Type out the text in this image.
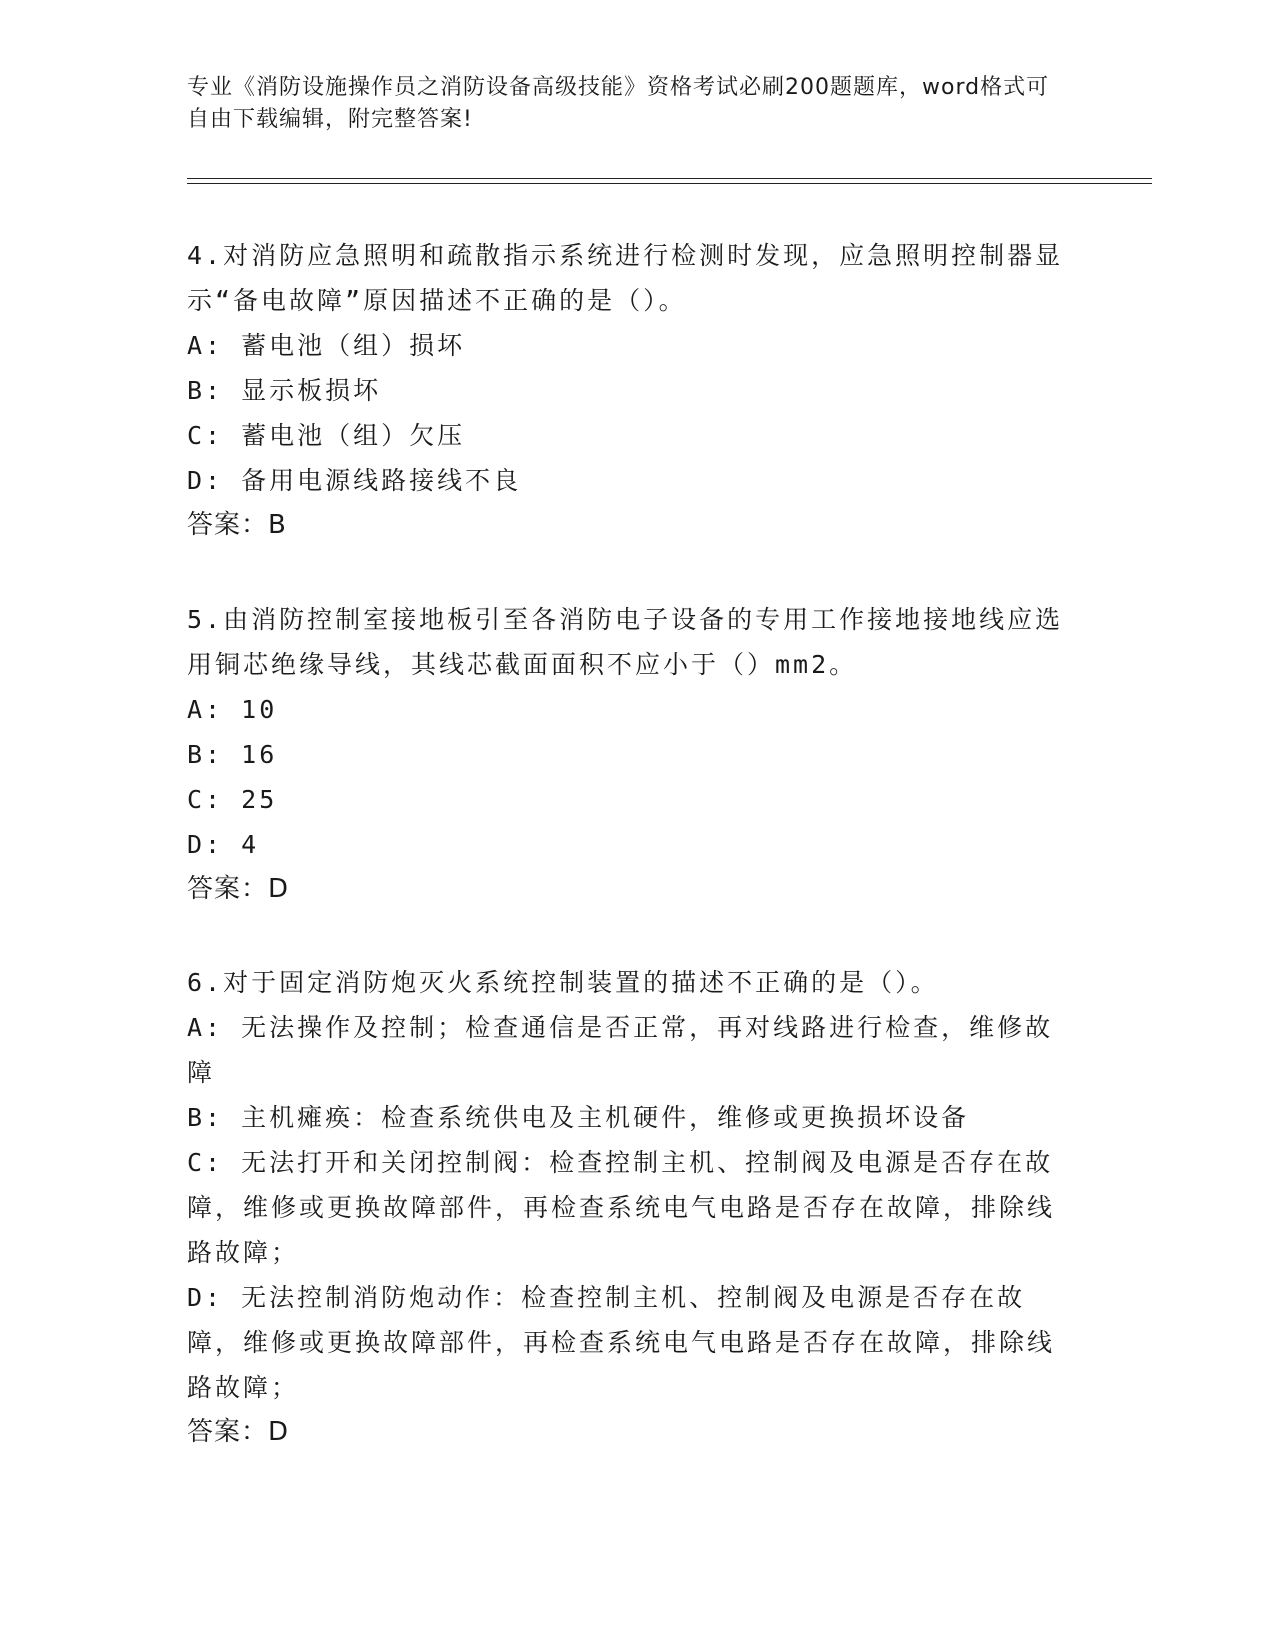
专业《消防设施操作员之消防设备高级技能》资格考试必刷200题题库，word格式可自由下载编辑，附完整答案!

4.对消防应急照明和疏散指示系统进行检测时发现，应急照明控制器显示“备电故障”原因描述不正确的是（）。

A: 蓄电池（组）损坏

B: 显示板损坏

C: 蓄电池（组）欠压

D: 备用电源线路接线不良

答案：B

5.由消防控制室接地板引至各消防电子设备的专用工作接地接地线应选用铜芯绝缘导线，其线芯截面面积不应小于（）mm2。

A: 10

B: 16

C: 25

D: 4

答案：D

6.对于固定消防炮灭火系统控制装置的描述不正确的是（）。

A: 无法操作及控制；检查通信是否正常，再对线路进行检查，维修故障

B: 主机瘫痪：检查系统供电及主机硬件，维修或更换损坏设备

C: 无法打开和关闭控制阀：检查控制主机、控制阀及电源是否存在故障，维修或更换故障部件，再检查系统电气电路是否存在故障，排除线路故障；

D: 无法控制消防炮动作：检查控制主机、控制阀及电源是否存在故障，维修或更换故障部件，再检查系统电气电路是否存在故障，排除线路故障；

答案：D
